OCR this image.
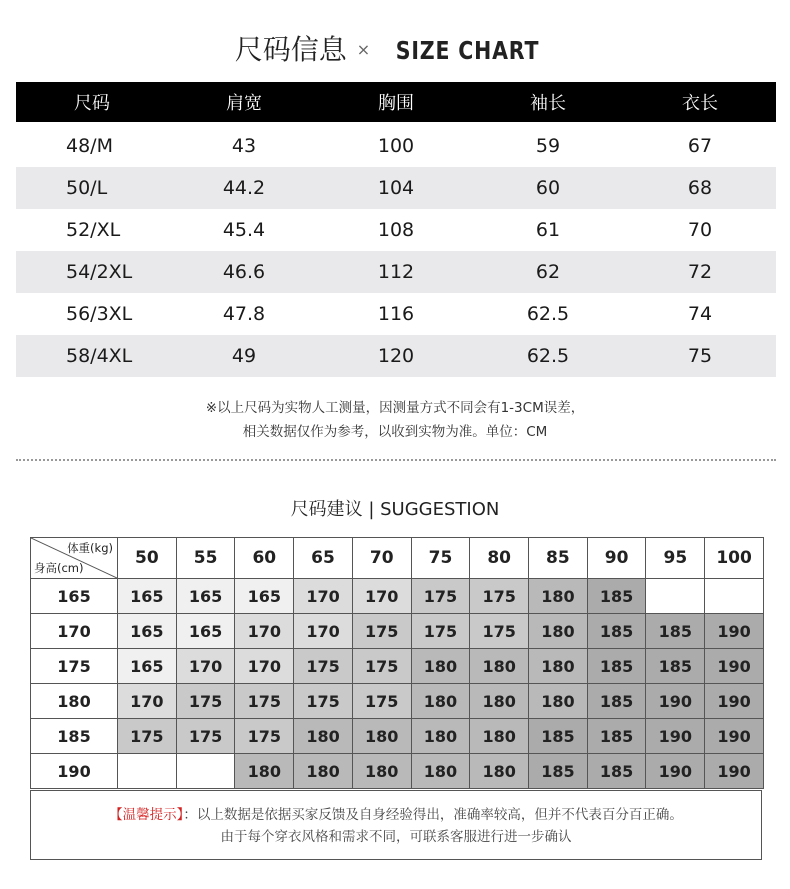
尺码信息 × SIZE CHART
尺码	肩宽	胸围	袖长	衣长

48/M	43	100	59	67
50/L	44.2	104	60	68
52/XL	45.4	108	61	70
54/2XL	46.6	112	62	72
56/3XL	47.8	116	62.5	74
58/4XL	49	120	62.5	75
※以上尺码为实物人工测量，因测量方式不同会有1-3CM误差，
相关数据仅作为参考，以收到实物为准。单位：CM
尺码建议 | SUGGESTION
体重(kg)
身高(cm)	50	55	60	65	70	75	80	85	90	95	100
165	165	165	165	170	170	175	175	180	185		
170	165	165	170	170	175	175	175	180	185	185	190
175	165	170	170	175	175	180	180	180	185	185	190
180	170	175	175	175	175	180	180	180	185	190	190
185	175	175	175	180	180	180	180	185	185	190	190
190			180	180	180	180	180	185	185	190	190
【温馨提示】：以上数据是依据买家反馈及自身经验得出，准确率较高，但并不代表百分百正确。
由于每个穿衣风格和需求不同，可联系客服进行进一步确认
